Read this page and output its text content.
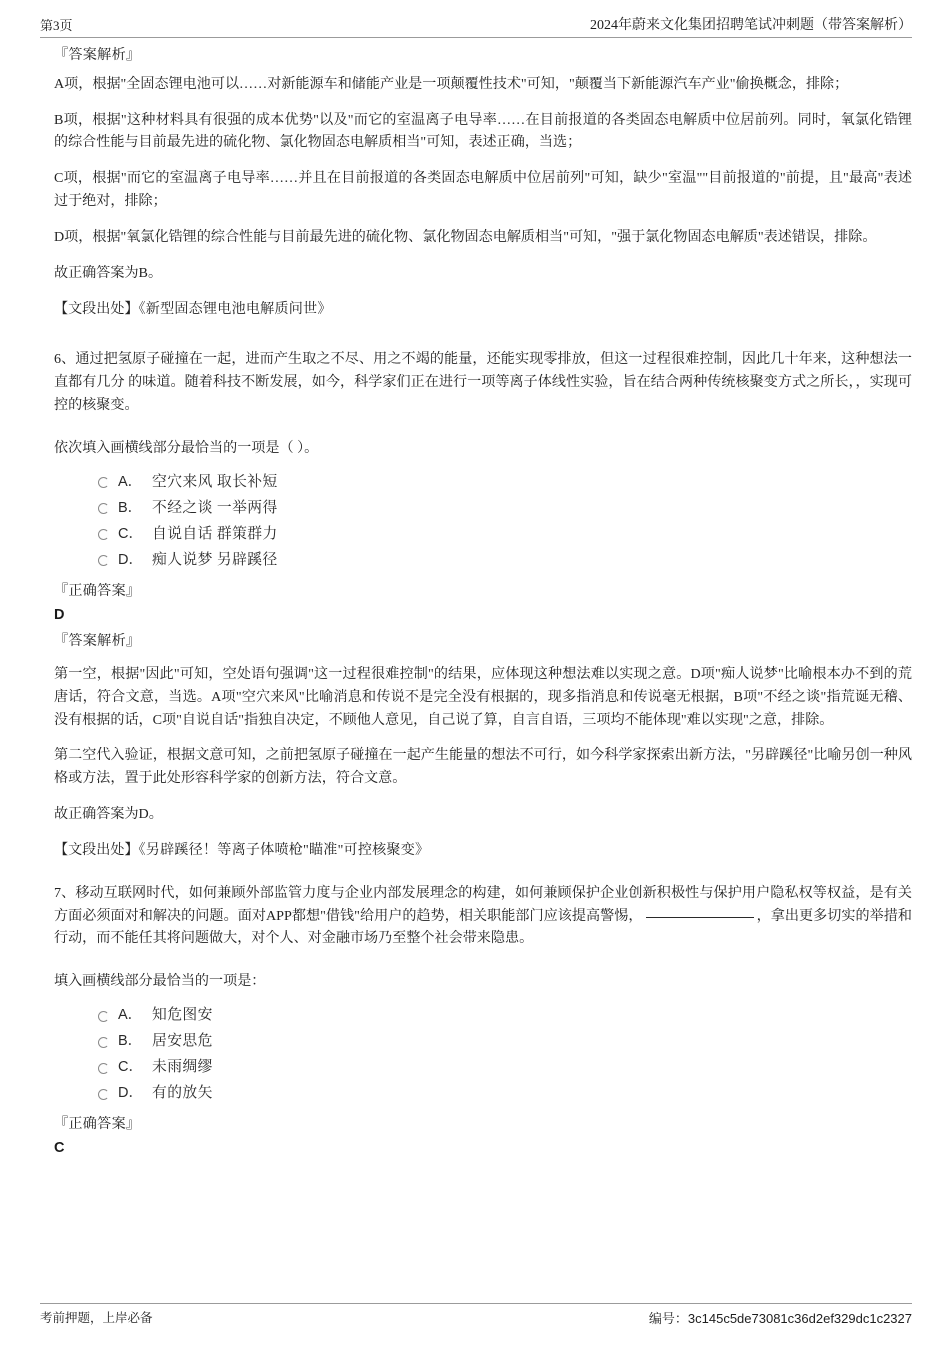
第3页	2024年蔚来文化集团招聘笔试冲刺题（带答案解析）
『答案解析』
A项，根据"全固态锂电池可以……对新能源车和储能产业是一项颠覆性技术"可知，"颠覆当下新能源汽车产业"偷换概念，排除；
B项，根据"这种材料具有很强的成本优势"以及"而它的室温离子电导率……在目前报道的各类固态电解质中位居前列。同时，氧氯化锆锂的综合性能与目前最先进的硫化物、氯化物固态电解质相当"可知，表述正确，当选；
C项，根据"而它的室温离子电导率……并且在目前报道的各类固态电解质中位居前列"可知，缺少"室温""目前报道的"前提，且"最高"表述过于绝对，排除；
D项，根据"氧氯化锆锂的综合性能与目前最先进的硫化物、氯化物固态电解质相当"可知，"强于氯化物固态电解质"表述错误，排除。
故正确答案为B。
【文段出处】《新型固态锂电池电解质问世》
6、通过把氢原子碰撞在一起，进而产生取之不尽、用之不竭的能量，还能实现零排放，但这一过程很难控制，因此几十年来，这种想法一直都有几分 的味道。随着科技不断发展，如今，科学家们正在进行一项等离子体线性实验，旨在结合两种传统核聚变方式之所长，，实现可控的核聚变。
依次填入画横线部分最恰当的一项是（ ）。
A． 空穴来风 取长补短
B． 不经之谈 一举两得
C． 自说自话 群策群力
D． 痴人说梦 另辟蹊径
『正确答案』
D
『答案解析』
第一空，根据"因此"可知，空处语句强调"这一过程很难控制"的结果，应体现这种想法难以实现之意。D项"痴人说梦"比喻根本办不到的荒唐话，符合文意，当选。A项"空穴来风"比喻消息和传说不是完全没有根据的，现多指消息和传说毫无根据，B项"不经之谈"指荒诞无稽、没有根据的话，C项"自说自话"指独自决定，不顾他人意见，自己说了算，自言自语，三项均不能体现"难以实现"之意，排除。
第二空代入验证，根据文意可知，之前把氢原子碰撞在一起产生能量的想法不可行，如今科学家探索出新方法，"另辟蹊径"比喻另创一种风格或方法，置于此处形容科学家的创新方法，符合文意。
故正确答案为D。
【文段出处】《另辟蹊径！等离子体喷枪"瞄准"可控核聚变》
7、移动互联网时代，如何兼顾外部监管力度与企业内部发展理念的构建，如何兼顾保护企业创新积极性与保护用户隐私权等权益，是有关方面必须面对和解决的问题。面对APP都想"借钱"给用户的趋势，相关职能部门应该提高警惕，	，拿出更多切实的举措和行动，而不能任其将问题做大，对个人、对金融市场乃至整个社会带来隐患。
填入画横线部分最恰当的一项是：
A． 知危图安
B． 居安思危
C． 未雨绸缪
D． 有的放矢
『正确答案』
C
考前押题，上岸必备	编号：3c145c5de73081c36d2ef329dc1c2327
